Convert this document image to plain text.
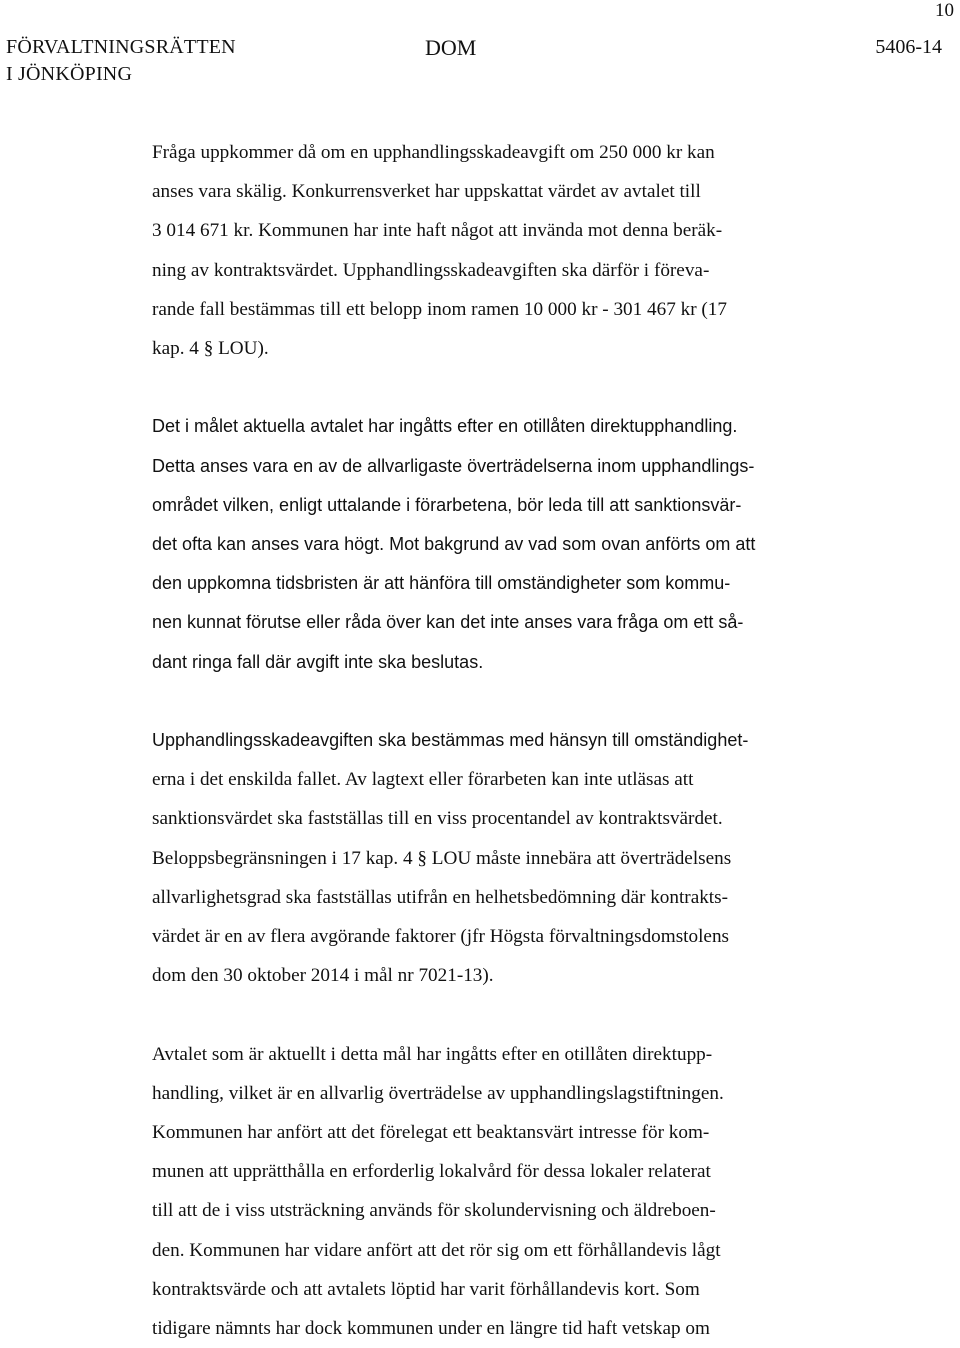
10
FÖRVALTNINGSRÄTTEN
I JÖNKÖPING
DOM	5406-14

Fråga uppkommer då om en upphandlingsskadeavgift om 250 000 kr kan
anses vara skälig. Konkurrensverket har uppskattat värdet av avtalet till
3 014 671 kr. Kommunen har inte haft något att invända mot denna beräk-
ning av kontraktsvärdet. Upphandlingsskadeavgiften ska därför i föreva-
rande fall bestämmas till ett belopp inom ramen 10 000 kr - 301 467 kr (17
kap. 4 § LOU).

Det i målet aktuella avtalet har ingåtts efter en otillåten direktupphandling.
Detta anses vara en av de allvarligaste överträdelserna inom upphandlings-
området vilken, enligt uttalande i förarbetena, bör leda till att sanktionsvär-
det ofta kan anses vara högt. Mot bakgrund av vad som ovan anförts om att
den uppkomna tidsbristen är att hänföra till omständigheter som kommu-
nen kunnat förutse eller råda över kan det inte anses vara fråga om ett så-
dant ringa fall där avgift inte ska beslutas.

Upphandlingsskadeavgiften ska bestämmas med hänsyn till omständighet-
erna i det enskilda fallet. Av lagtext eller förarbeten kan inte utläsas att
sanktionsvärdet ska fastställas till en viss procentandel av kontraktsvärdet.
Beloppsbegränsningen i 17 kap. 4 § LOU måste innebära att överträdelsens
allvarlighetsgrad ska fastställas utifrån en helhetsbedömning där kontrakts-
värdet är en av flera avgörande faktorer (jfr Högsta förvaltningsdomstolens
dom den 30 oktober 2014 i mål nr 7021-13).

Avtalet som är aktuellt i detta mål har ingåtts efter en otillåten direktupp-
handling, vilket är en allvarlig överträdelse av upphandlingslagstiftningen.
Kommunen har anfört att det förelegat ett beaktansvärt intresse för kom-
munen att upprätthålla en erforderlig lokalvård för dessa lokaler relaterat
till att de i viss utsträckning används för skolundervisning och äldreboen-
den. Kommunen har vidare anfört att det rör sig om ett förhållandevis lågt
kontraktsvärde och att avtalets löptid har varit förhållandevis kort. Som
tidigare nämnts har dock kommunen under en längre tid haft vetskap om
